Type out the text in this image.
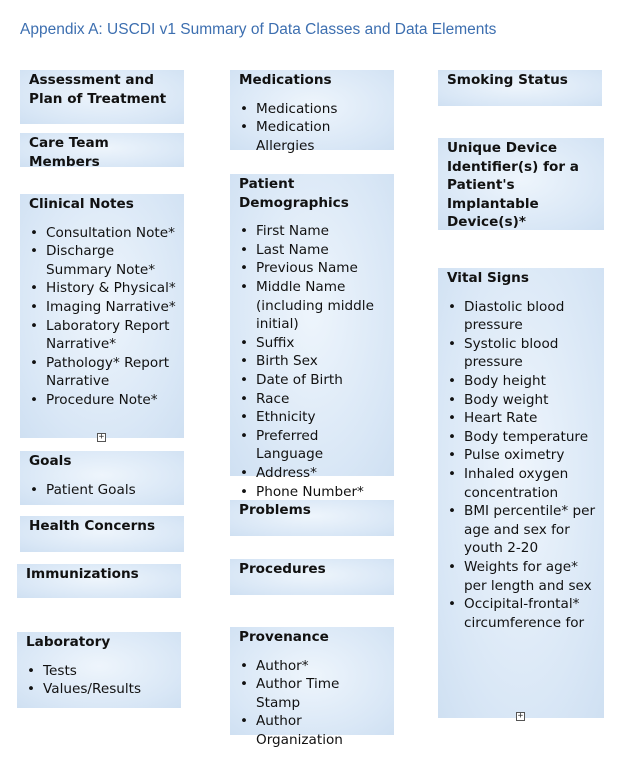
Appendix A: USCDI v1 Summary of Data Classes and Data Elements
Assessment and Plan of Treatment
Care Team Members
Clinical Notes
• Consultation Note*
• Discharge Summary Note*
• History & Physical*
• Imaging Narrative*
• Laboratory Report Narrative*
• Pathology* Report Narrative
• Procedure Note*
Goals
• Patient Goals
Health Concerns
Immunizations
Laboratory
• Tests
• Values/Results
Medications
• Medications
• Medication Allergies
Patient Demographics
• First Name
• Last Name
• Previous Name
• Middle Name (including middle initial)
• Suffix
• Birth Sex
• Date of Birth
• Race
• Ethnicity
• Preferred Language
• Address*
• Phone Number*
Problems
Procedures
Provenance
• Author*
• Author Time Stamp
• Author Organization
Smoking Status
Unique Device Identifier(s) for a Patient's Implantable Device(s)*
Vital Signs
• Diastolic blood pressure
• Systolic blood pressure
• Body height
• Body weight
• Heart Rate
• Body temperature
• Pulse oximetry
• Inhaled oxygen concentration
• BMI percentile* per age and sex for youth 2-20
• Weights for age* per length and sex
• Occipital-frontal* circumference for
+
+
